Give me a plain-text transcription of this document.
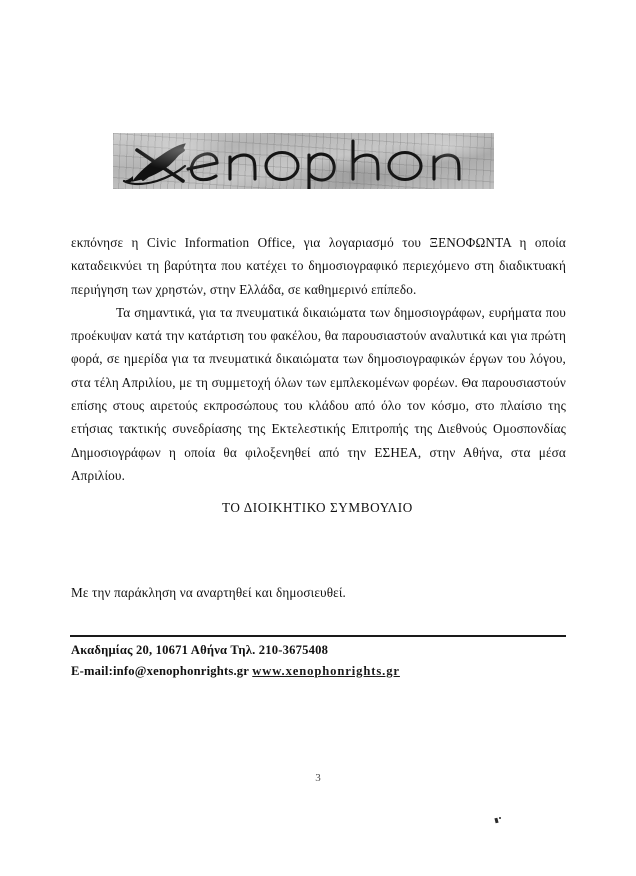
εκπόνησε η Civic Information Office, για λογαριασμό του ΞΕΝΟΦΩΝΤΑ η οποία καταδεικνύει τη βαρύτητα που κατέχει το δημοσιογραφικό περιεχόμενο στη διαδικτυακή περιήγηση των χρηστών, στην Ελλάδα, σε καθημερινό επίπεδο.

Τα σημαντικά, για τα πνευματικά δικαιώματα των δημοσιογράφων, ευρήματα που προέκυψαν κατά την κατάρτιση του φακέλου, θα παρουσιαστούν αναλυτικά και για πρώτη φορά, σε ημερίδα για τα πνευματικά δικαιώματα των δημοσιογραφικών έργων του λόγου, στα τέλη Απριλίου, με τη συμμετοχή όλων των εμπλεκομένων φορέων. Θα παρουσιαστούν επίσης στους αιρετούς εκπροσώπους του κλάδου από όλο τον κόσμο, στο πλαίσιο της ετήσιας τακτικής συνεδρίασης της Εκτελεστικής Επιτροπής της Διεθνούς Ομοσπονδίας Δημοσιογράφων η οποία θα φιλοξενηθεί από την ΕΣΗΕΑ, στην Αθήνα, στα μέσα Απριλίου.

ΤΟ ΔΙΟΙΚΗΤΙΚΟ ΣΥΜΒΟΥΛΙΟ
Με την παράκληση να αναρτηθεί και δημοσιευθεί.
Ακαδημίας 20, 10671 Αθήνα Τηλ. 210-3675408
E-mail:info@xenophonrights.gr www.xenophonrights.gr
3
